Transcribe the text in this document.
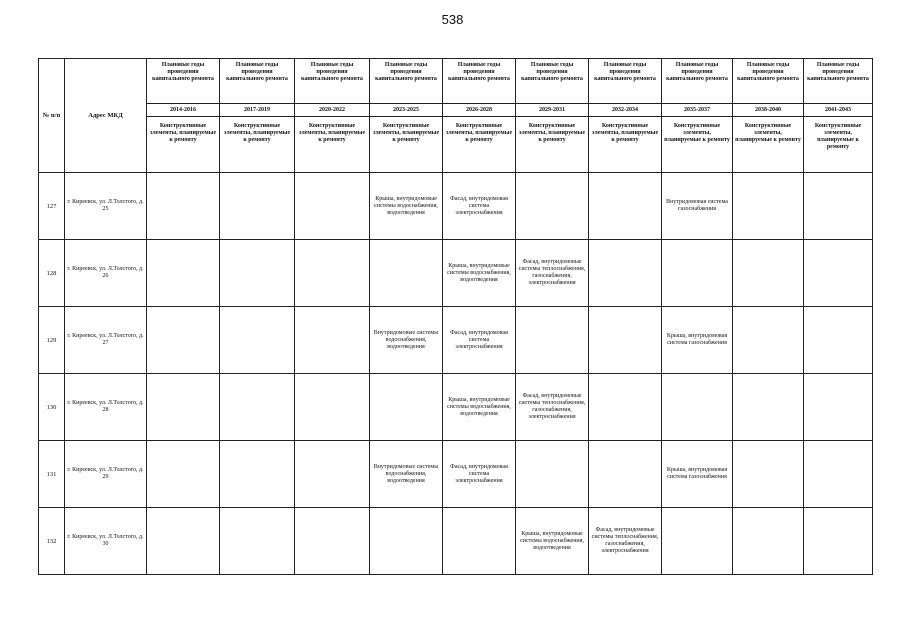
538
№ п/п	Адрес МКД	Плановые годы проведения капитального ремонта	Плановые годы проведения капитального ремонта	Плановые годы проведения капитального ремонта	Плановые годы проведения капитального ремонта	Плановые годы проведения капитального ремонта	Плановые годы проведения капитального ремонта	Плановые годы проведения капитального ремонта	Плановые годы проведения капитального ремонта	Плановые годы проведения капитального ремонта	Плановые годы проведения капитального ремонта
		2014-2016	2017-2019	2020-2022	2023-2025	2026-2028	2029-2031	2032-2034	2035-2037	2038-2040	2041-2043
		Конструктивные элементы, планируемые к ремонту	Конструктивные элементы, планируемые к ремонту	Конструктивные элементы, планируемые к ремонту	Конструктивные элементы, планируемые к ремонту	Конструктивные элементы, планируемые к ремонту	Конструктивные элементы, планируемые к ремонту	Конструктивные элементы, планируемые к ремонту	Конструктивные элементы, планируемые к ремонту	Конструктивные элементы, планируемые к ремонту	Конструктивные элементы, планируемые к ремонту
127	г. Киреевск, ул. Л.Толстого, д. 25				Крыша, внутридомовые системы водоснабжения, водоотведения	Фасад, внутридомовая система электроснабжения			Внутридомовая система газоснабжения		
128	г. Киреевск, ул. Л.Толстого, д. 26					Крыша, внутридомовые системы водоснабжения, водоотведения	Фасад, внутридомовые системы теплоснабжения, газоснабжения, электроснабжения				
129	г. Киреевск, ул. Л.Толстого, д. 27				Внутридомовые системы водоснабжения, водоотведения	Фасад, внутридомовая система электроснабжения			Крыша, внутридомовая система газоснабжения		
130	г. Киреевск, ул. Л.Толстого, д. 28					Крыша, внутридомовые системы водоснабжения, водоотведения	Фасад, внутридомовые системы теплоснабжения, газоснабжения, электроснабжения				
131	г. Киреевск, ул. Л.Толстого, д. 29				Внутридомовые системы водоснабжения, водоотведения	Фасад, внутридомовая система электроснабжения			Крыша, внутридомовая система газоснабжения		
132	г. Киреевск, ул. Л.Толстого, д. 30						Крыша, внутридомовые системы водоснабжения, водоотведения	Фасад, внутридомовые системы теплоснабжения, газоснабжения, электроснабжения			
